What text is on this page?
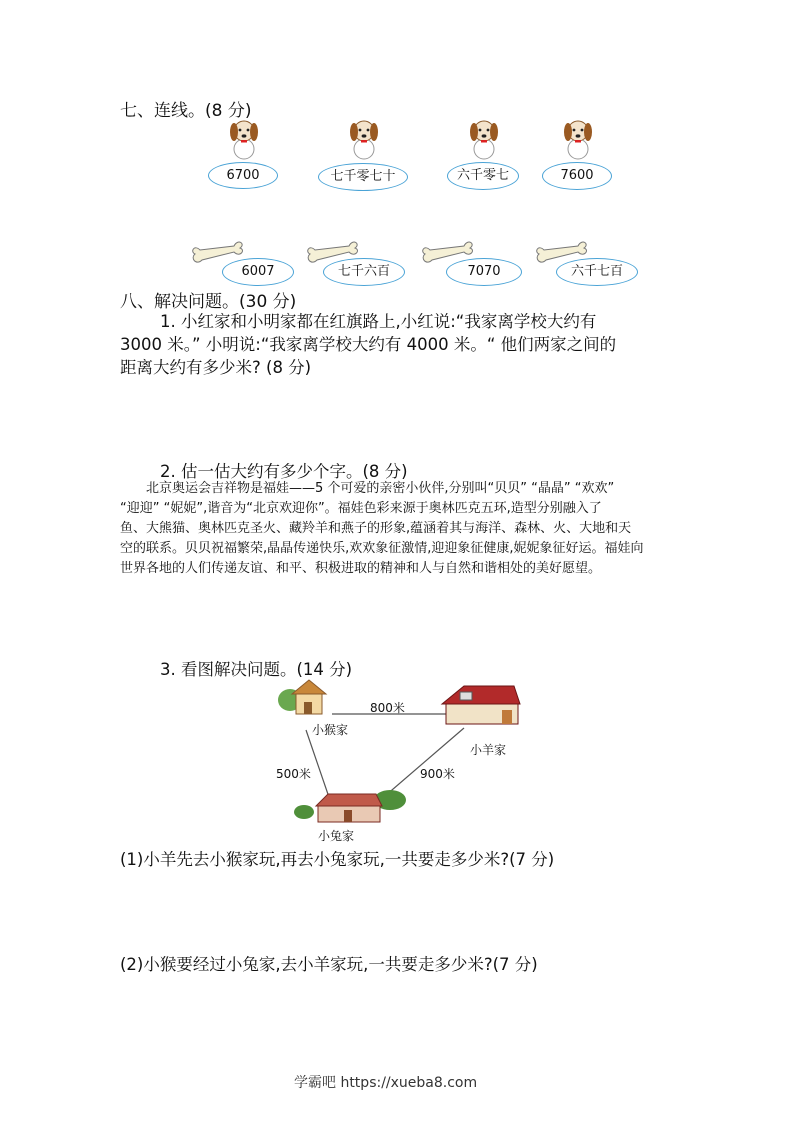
七、连线。(8 分)
6700	七千零七十	六千零七	7600
6007	七千六百	7070	六千七百
八、解决问题。(30 分)
1. 小红家和小明家都在红旗路上,小红说:“我家离学校大约有
3000 米。” 小明说:“我家离学校大约有 4000 米。“ 他们两家之间的
距离大约有多少米? (8 分)
2. 估一估大约有多少个字。(8 分)
北京奥运会吉祥物是福娃——5 个可爱的亲密小伙伴,分别叫“贝贝” “晶晶” “欢欢”
“迎迎” “妮妮”,谐音为“北京欢迎你”。福娃色彩来源于奥林匹克五环,造型分别融入了
鱼、大熊猫、奥林匹克圣火、藏羚羊和燕子的形象,蕴涵着其与海洋、森林、火、大地和天
空的联系。贝贝祝福繁荣,晶晶传递快乐,欢欢象征激情,迎迎象征健康,妮妮象征好运。福娃向
世界各地的人们传递友谊、和平、积极进取的精神和人与自然和谐相处的美好愿望。
3. 看图解决问题。(14 分)
800米
小猴家
小羊家
500米	900米
小兔家
(1)小羊先去小猴家玩,再去小兔家玩,一共要走多少米?(7 分)
(2)小猴要经过小兔家,去小羊家玩,一共要走多少米?(7 分)
学霸吧 https://xueba8.com
